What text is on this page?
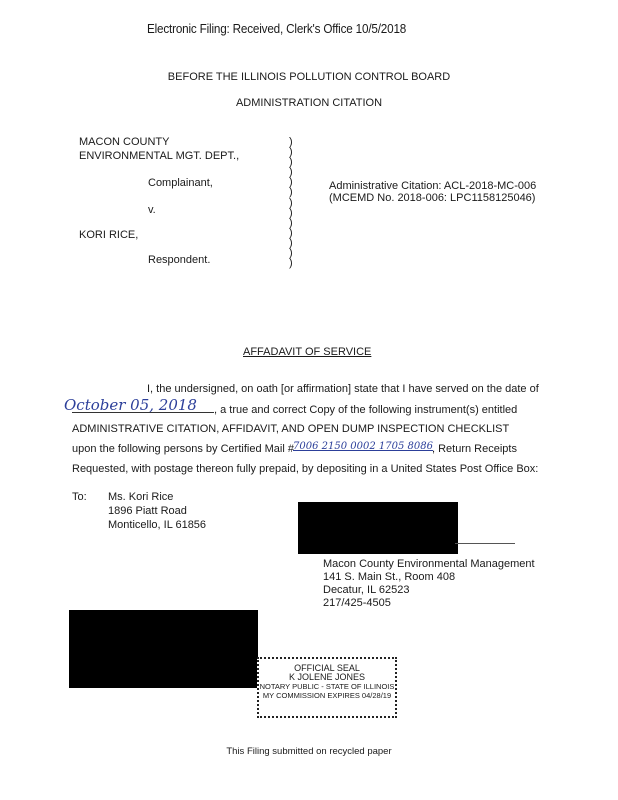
Electronic Filing: Received, Clerk's Office 10/5/2018
BEFORE THE ILLINOIS POLLUTION CONTROL BOARD
ADMINISTRATION CITATION
MACON COUNTY
ENVIRONMENTAL MGT. DEPT.,
Complainant,
v.
KORI RICE,
Respondent.
)
)
)
)
)
)
)
)
)
)
)
)
)
Administrative Citation: ACL-2018-MC-006
(MCEMD No. 2018-006: LPC1158125046)
AFFADAVIT OF SERVICE
I, the undersigned, on oath [or affirmation] state that I have served on the date of
October 05, 2018 , a true and correct Copy of the following instrument(s) entitled
ADMINISTRATIVE CITATION, AFFIDAVIT, AND OPEN DUMP INSPECTION CHECKLIST
upon the following persons by Certified Mail # 7006 2150 0002 1705 8086 , Return Receipts
Requested, with postage thereon fully prepaid, by depositing in a United States Post Office Box:
To: Ms. Kori Rice
1896 Piatt Road
Monticello, IL 61856
Macon County Environmental Management
141 S. Main St., Room 408
Decatur, IL 62523
217/425-4505
OFFICIAL SEAL
K JOLENE JONES
NOTARY PUBLIC - STATE OF ILLINOIS
MY COMMISSION EXPIRES 04/28/19
This Filing submitted on recycled paper
